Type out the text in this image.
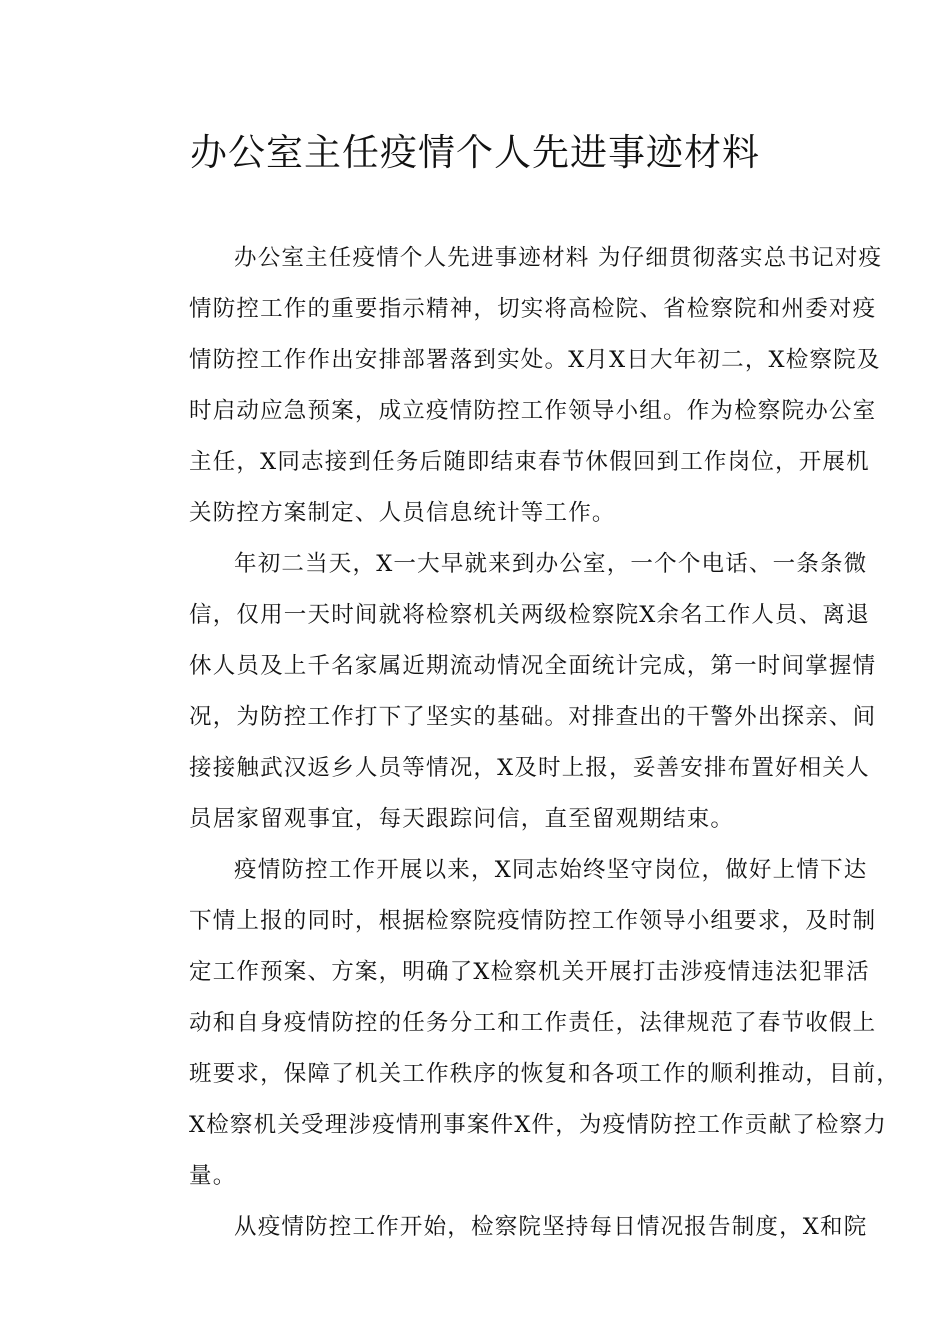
办公室主任疫情个人先进事迹材料
办公室主任疫情个人先进事迹材料 为仔细贯彻落实总书记对疫
情防控工作的重要指示精神，切实将高检院、省检察院和州委对疫
情防控工作作出安排部署落到实处。X月X日大年初二，X检察院及
时启动应急预案，成立疫情防控工作领导小组。作为检察院办公室
主任，X同志接到任务后随即结束春节休假回到工作岗位，开展机
关防控方案制定、人员信息统计等工作。
年初二当天，X一大早就来到办公室，一个个电话、一条条微
信，仅用一天时间就将检察机关两级检察院X余名工作人员、离退
休人员及上千名家属近期流动情况全面统计完成，第一时间掌握情
况，为防控工作打下了坚实的基础。对排查出的干警外出探亲、间
接接触武汉返乡人员等情况，X及时上报，妥善安排布置好相关人
员居家留观事宜，每天跟踪问信，直至留观期结束。
疫情防控工作开展以来，X同志始终坚守岗位，做好上情下达
下情上报的同时，根据检察院疫情防控工作领导小组要求，及时制
定工作预案、方案，明确了X检察机关开展打击涉疫情违法犯罪活
动和自身疫情防控的任务分工和工作责任，法律规范了春节收假上
班要求，保障了机关工作秩序的恢复和各项工作的顺利推动，目前，
X检察机关受理涉疫情刑事案件X件，为疫情防控工作贡献了检察力
量。
从疫情防控工作开始，检察院坚持每日情况报告制度，X和院
